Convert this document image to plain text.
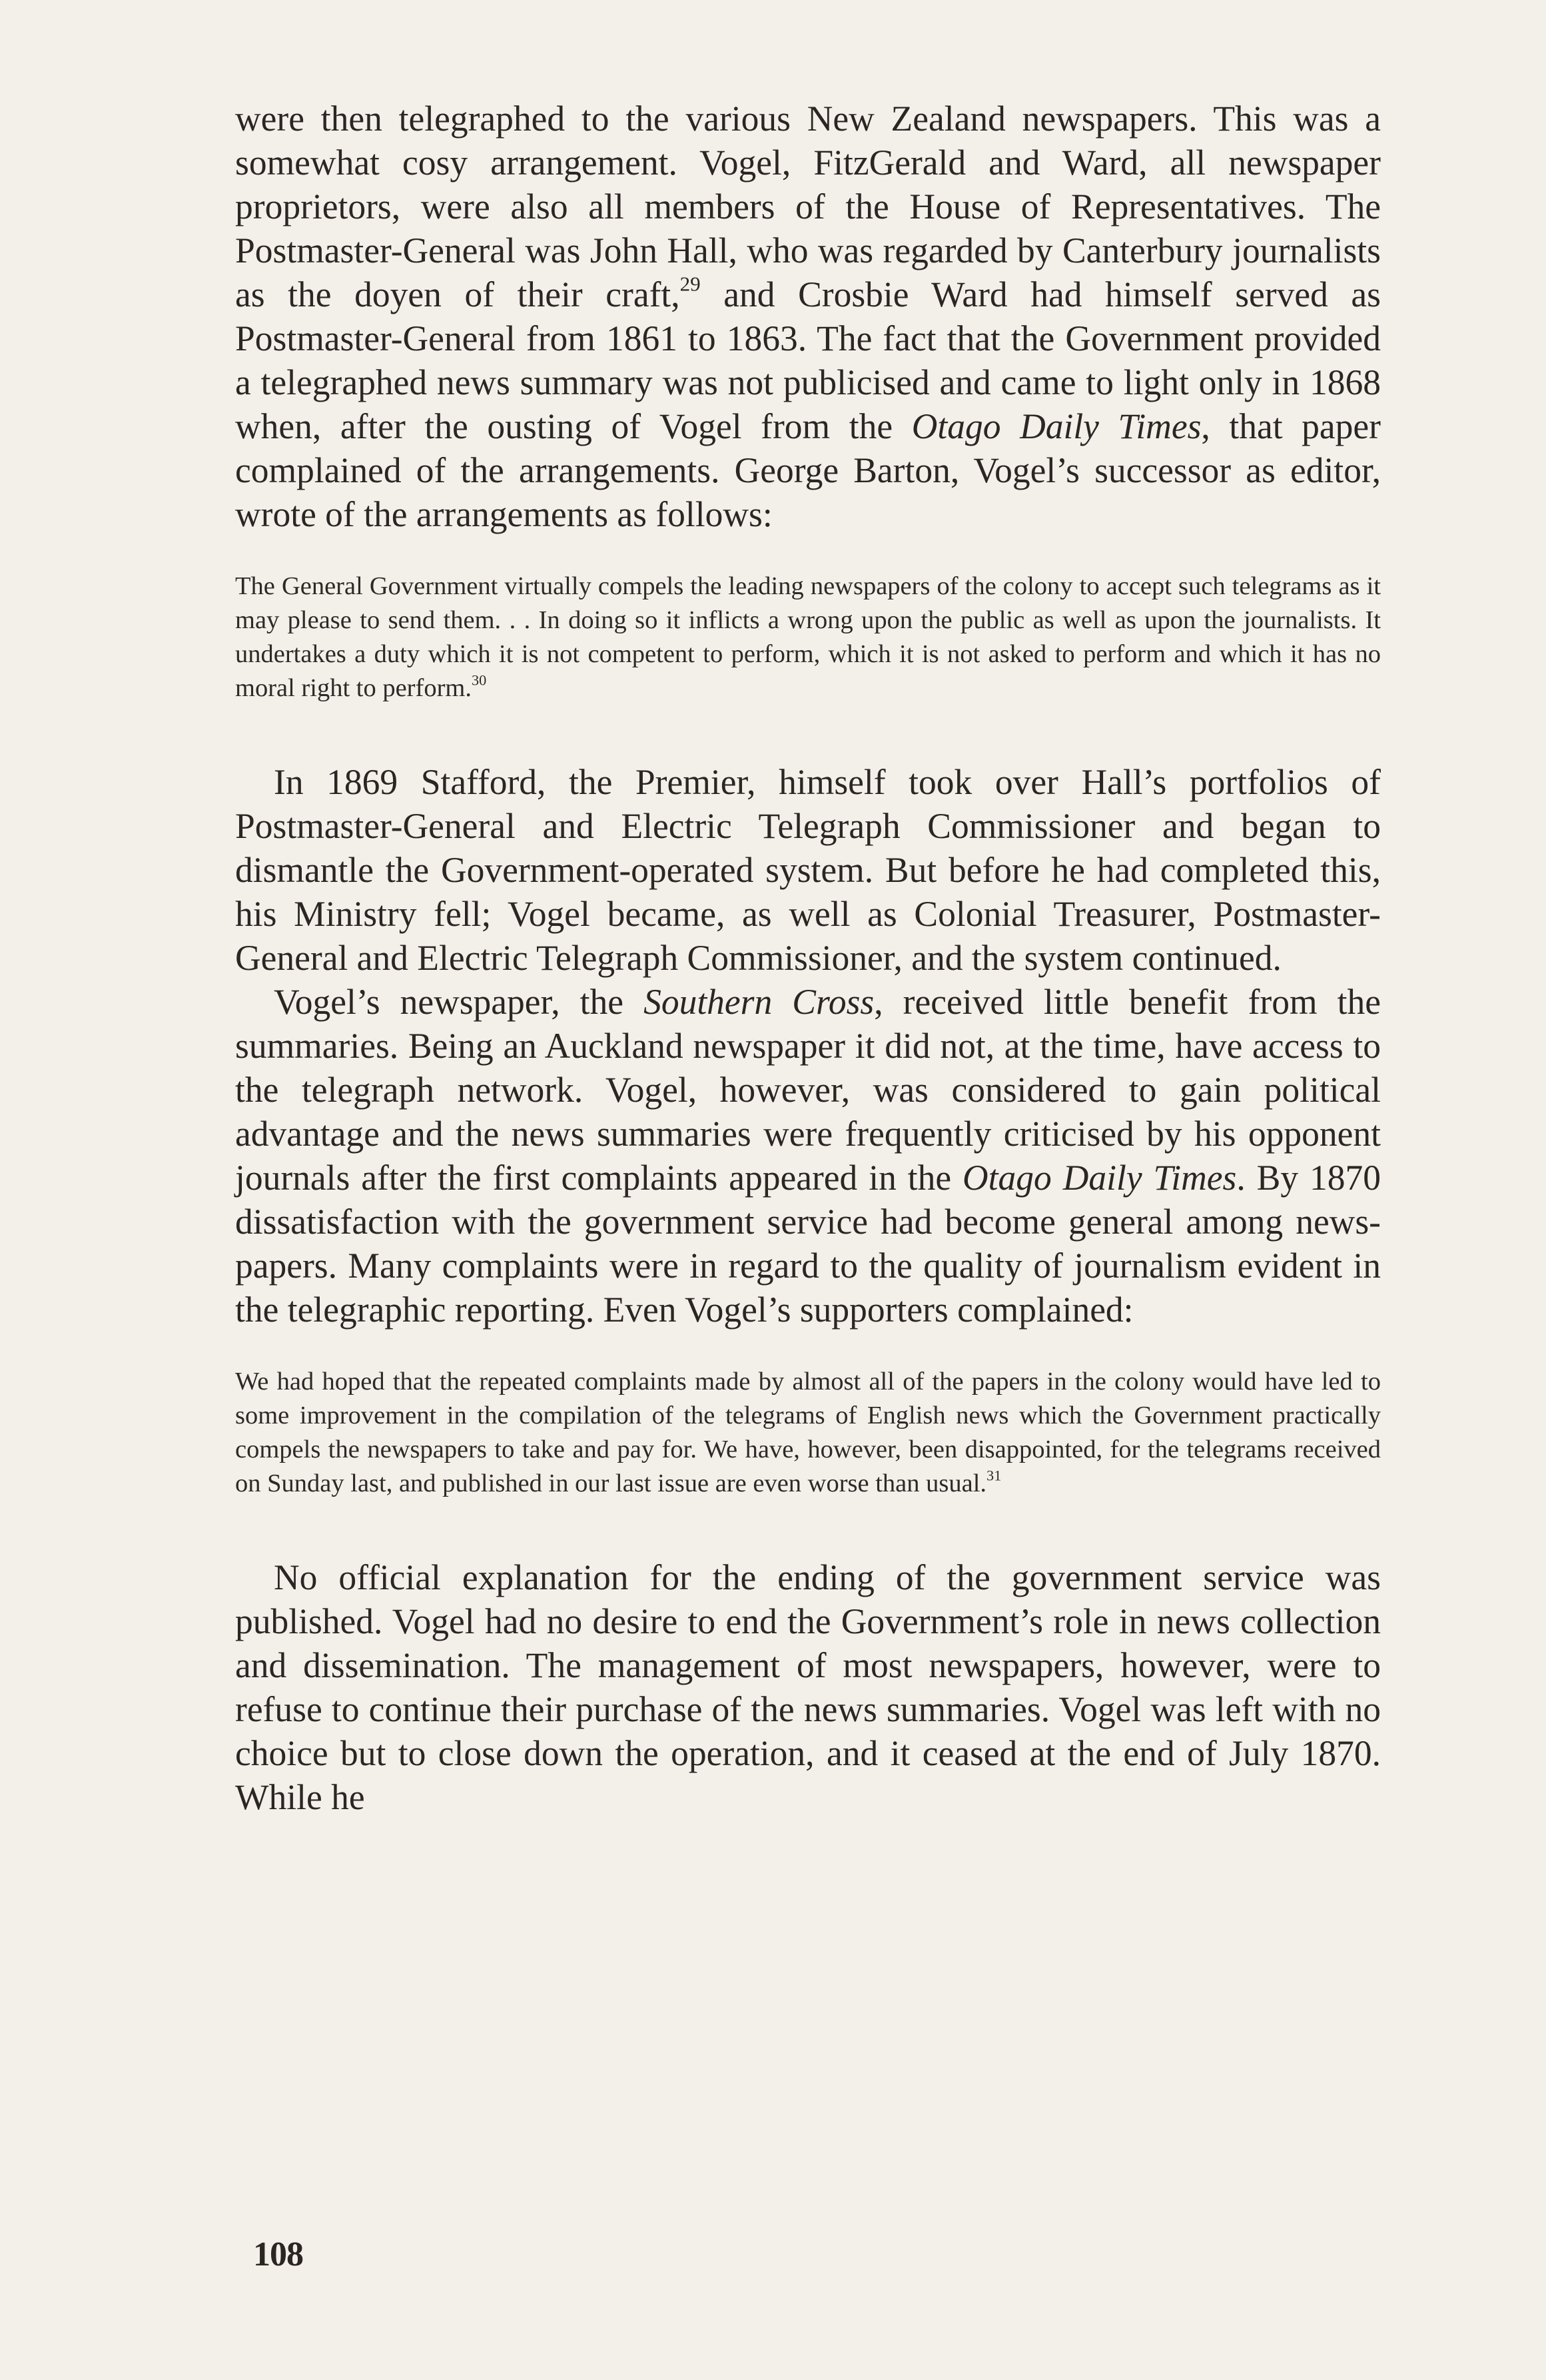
were then telegraphed to the various New Zealand newspapers. This was a somewhat cosy arrangement. Vogel, FitzGerald and Ward, all newspaper proprietors, were also all members of the House of Representatives. The Postmaster-General was John Hall, who was regarded by Canterbury journalists as the doyen of their craft,$^{29}$ and Crosbie Ward had himself served as Postmaster-General from 1861 to 1863. The fact that the Government provided a telegraphed news summary was not publicised and came to light only in 1868 when, after the ousting of Vogel from the Otago Daily Times, that paper complained of the arrangements. George Barton, Vogel’s successor as editor, wrote of the arrangements as follows:

The General Government virtually compels the leading newspapers of the colony to accept such telegrams as it may please to send them. . . In doing so it inflicts a wrong upon the public as well as upon the journalists. It undertakes a duty which it is not competent to perform, which it is not asked to perform and which it has no moral right to perform.$^{30}$

In 1869 Stafford, the Premier, himself took over Hall’s portfolios of Postmaster-General and Electric Telegraph Commissioner and began to dismantle the Government-operated system. But before he had completed this, his Ministry fell; Vogel became, as well as Colonial Treasurer, Postmaster-General and Electric Telegraph Commissioner, and the system continued.

Vogel’s newspaper, the Southern Cross, received little benefit from the summaries. Being an Auckland newspaper it did not, at the time, have access to the telegraph network. Vogel, however, was considered to gain political advantage and the news summaries were frequently criticised by his opponent journals after the first complaints appeared in the Otago Daily Times. By 1870 dissatisfaction with the government service had become general among newspapers. Many complaints were in regard to the quality of journalism evident in the telegraphic reporting. Even Vogel’s supporters complained:

We had hoped that the repeated complaints made by almost all of the papers in the colony would have led to some improvement in the compilation of the telegrams of English news which the Government practically compels the newspapers to take and pay for. We have, however, been disappointed, for the telegrams received on Sunday last, and published in our last issue are even worse than usual.$^{31}$

No official explanation for the ending of the government service was published. Vogel had no desire to end the Government’s role in news collection and dissemination. The management of most newspapers, however, were to refuse to continue their purchase of the news summaries. Vogel was left with no choice but to close down the operation, and it ceased at the end of July 1870. While he

108
